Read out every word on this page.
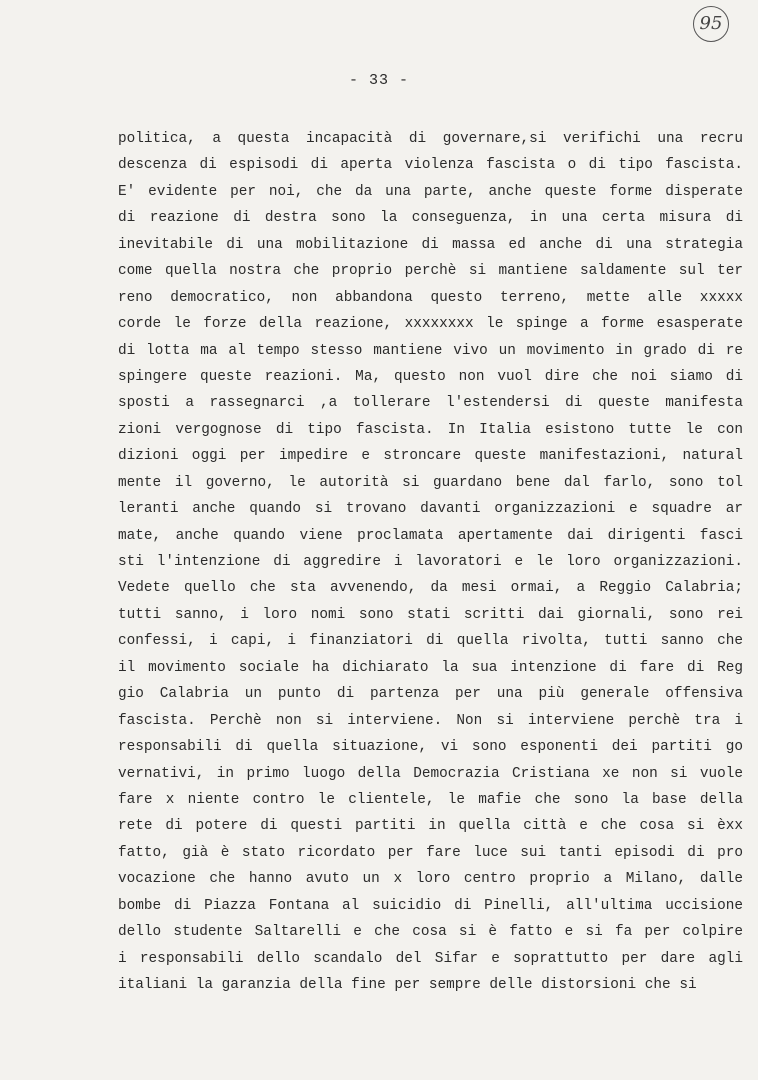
95
- 33 -
politica, a questa incapacità di governare,si verifichi una recru
descenza di espisodi di aperta violenza fascista o di tipo fascista.
E' evidente per noi, che da una parte, anche queste forme disperate
di reazione di destra sono la conseguenza, in una certa misura di
inevitabile di una mobilitazione di massa ed anche di una strategia
come quella nostra che proprio perchè si mantiene saldamente sul ter
reno democratico, non abbandona questo terreno, mette alle xxxxx
corde le forze della reazione, xxxxxxxx le spinge a forme esasperate
di lotta ma al tempo stesso mantiene vivo un movimento in grado di re
spingere queste reazioni. Ma, questo non vuol dire che noi siamo di
sposti a rassegnarci ,a tollerare l'estendersi di queste manifesta
zioni vergognose di tipo fascista. In Italia esistono tutte le con
dizioni oggi per impedire e stroncare queste manifestazioni, natural
mente il governo, le autorità si guardano bene dal farlo, sono tol
leranti anche quando si trovano davanti organizzazioni e squadre ar
mate, anche quando viene proclamata apertamente dai dirigenti fasci
sti l'intenzione di aggredire i lavoratori e le loro organizzazioni.
Vedete quello che sta avvenendo, da mesi ormai, a Reggio Calabria;
tutti sanno, i loro nomi sono stati scritti dai giornali, sono rei
confessi, i capi, i finanziatori di quella rivolta, tutti sanno che
il movimento sociale ha dichiarato la sua intenzione di fare di Reg
gio Calabria un punto di partenza per una più generale offensiva
fascista. Perchè non si interviene. Non si interviene perchè tra i
responsabili di quella situazione, vi sono esponenti dei partiti go
vernativi, in primo luogo della Democrazia Cristiana xe non si vuole
fare x niente contro le clientele, le mafie che sono la base della
rete di potere di questi partiti in quella città e che cosa si èxx
fatto, già è stato ricordato per fare luce sui tanti episodi di pro
vocazione che hanno avuto un x loro centro proprio a Milano, dalle
bombe di Piazza Fontana al suicidio di Pinelli, all'ultima uccisione
dello studente Saltarelli e che cosa si è fatto e si fa per colpire
i responsabili dello scandalo del Sifar e soprattutto per dare agli
italiani la garanzia della fine per sempre delle distorsioni che si
